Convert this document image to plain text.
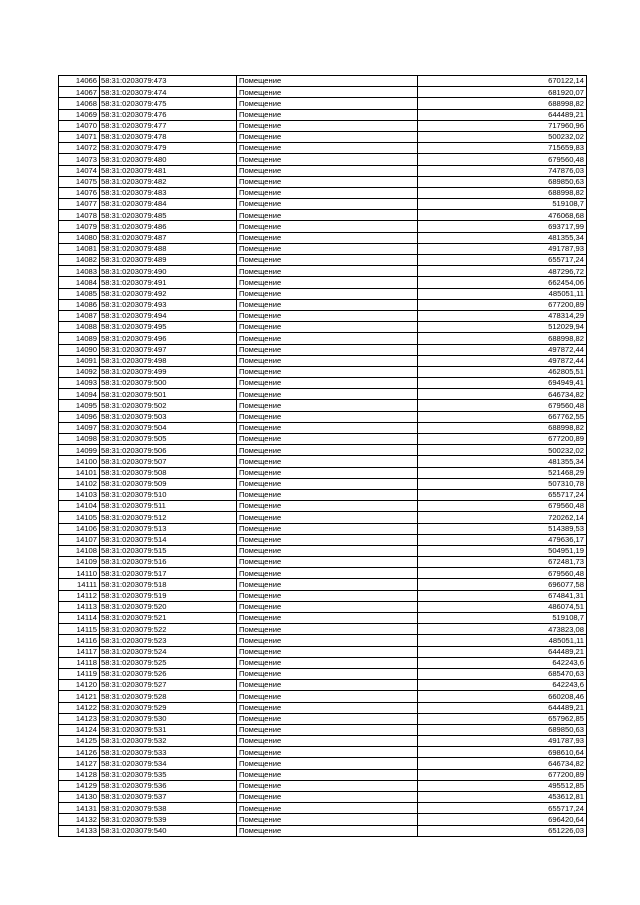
14066	58:31:0203079:473	Помещение	670122,14
14067	58:31:0203079:474	Помещение	681920,07
14068	58:31:0203079:475	Помещение	688998,82
14069	58:31:0203079:476	Помещение	644489,21
14070	58:31:0203079:477	Помещение	717960,96
14071	58:31:0203079:478	Помещение	500232,02
14072	58:31:0203079:479	Помещение	715659,83
14073	58:31:0203079:480	Помещение	679560,48
14074	58:31:0203079:481	Помещение	747876,03
14075	58:31:0203079:482	Помещение	689850,63
14076	58:31:0203079:483	Помещение	688998,82
14077	58:31:0203079:484	Помещение	519108,7
14078	58:31:0203079:485	Помещение	476068,68
14079	58:31:0203079:486	Помещение	693717,99
14080	58:31:0203079:487	Помещение	481355,34
14081	58:31:0203079:488	Помещение	491787,93
14082	58:31:0203079:489	Помещение	655717,24
14083	58:31:0203079:490	Помещение	487296,72
14084	58:31:0203079:491	Помещение	662454,06
14085	58:31:0203079:492	Помещение	485051,11
14086	58:31:0203079:493	Помещение	677200,89
14087	58:31:0203079:494	Помещение	478314,29
14088	58:31:0203079:495	Помещение	512029,94
14089	58:31:0203079:496	Помещение	688998,82
14090	58:31:0203079:497	Помещение	497872,44
14091	58:31:0203079:498	Помещение	497872,44
14092	58:31:0203079:499	Помещение	462805,51
14093	58:31:0203079:500	Помещение	694949,41
14094	58:31:0203079:501	Помещение	646734,82
14095	58:31:0203079:502	Помещение	679560,48
14096	58:31:0203079:503	Помещение	667762,55
14097	58:31:0203079:504	Помещение	688998,82
14098	58:31:0203079:505	Помещение	677200,89
14099	58:31:0203079:506	Помещение	500232,02
14100	58:31:0203079:507	Помещение	481355,34
14101	58:31:0203079:508	Помещение	521468,29
14102	58:31:0203079:509	Помещение	507310,78
14103	58:31:0203079:510	Помещение	655717,24
14104	58:31:0203079:511	Помещение	679560,48
14105	58:31:0203079:512	Помещение	720262,14
14106	58:31:0203079:513	Помещение	514389,53
14107	58:31:0203079:514	Помещение	479636,17
14108	58:31:0203079:515	Помещение	504951,19
14109	58:31:0203079:516	Помещение	672481,73
14110	58:31:0203079:517	Помещение	679560,48
14111	58:31:0203079:518	Помещение	696077,58
14112	58:31:0203079:519	Помещение	674841,31
14113	58:31:0203079:520	Помещение	486074,51
14114	58:31:0203079:521	Помещение	519108,7
14115	58:31:0203079:522	Помещение	473823,08
14116	58:31:0203079:523	Помещение	485051,11
14117	58:31:0203079:524	Помещение	644489,21
14118	58:31:0203079:525	Помещение	642243,6
14119	58:31:0203079:526	Помещение	685470,63
14120	58:31:0203079:527	Помещение	642243,6
14121	58:31:0203079:528	Помещение	660208,46
14122	58:31:0203079:529	Помещение	644489,21
14123	58:31:0203079:530	Помещение	657962,85
14124	58:31:0203079:531	Помещение	689850,63
14125	58:31:0203079:532	Помещение	491787,93
14126	58:31:0203079:533	Помещение	698610,64
14127	58:31:0203079:534	Помещение	646734,82
14128	58:31:0203079:535	Помещение	677200,89
14129	58:31:0203079:536	Помещение	495512,85
14130	58:31:0203079:537	Помещение	453612,81
14131	58:31:0203079:538	Помещение	655717,24
14132	58:31:0203079:539	Помещение	696420,64
14133	58:31:0203079:540	Помещение	651226,03
